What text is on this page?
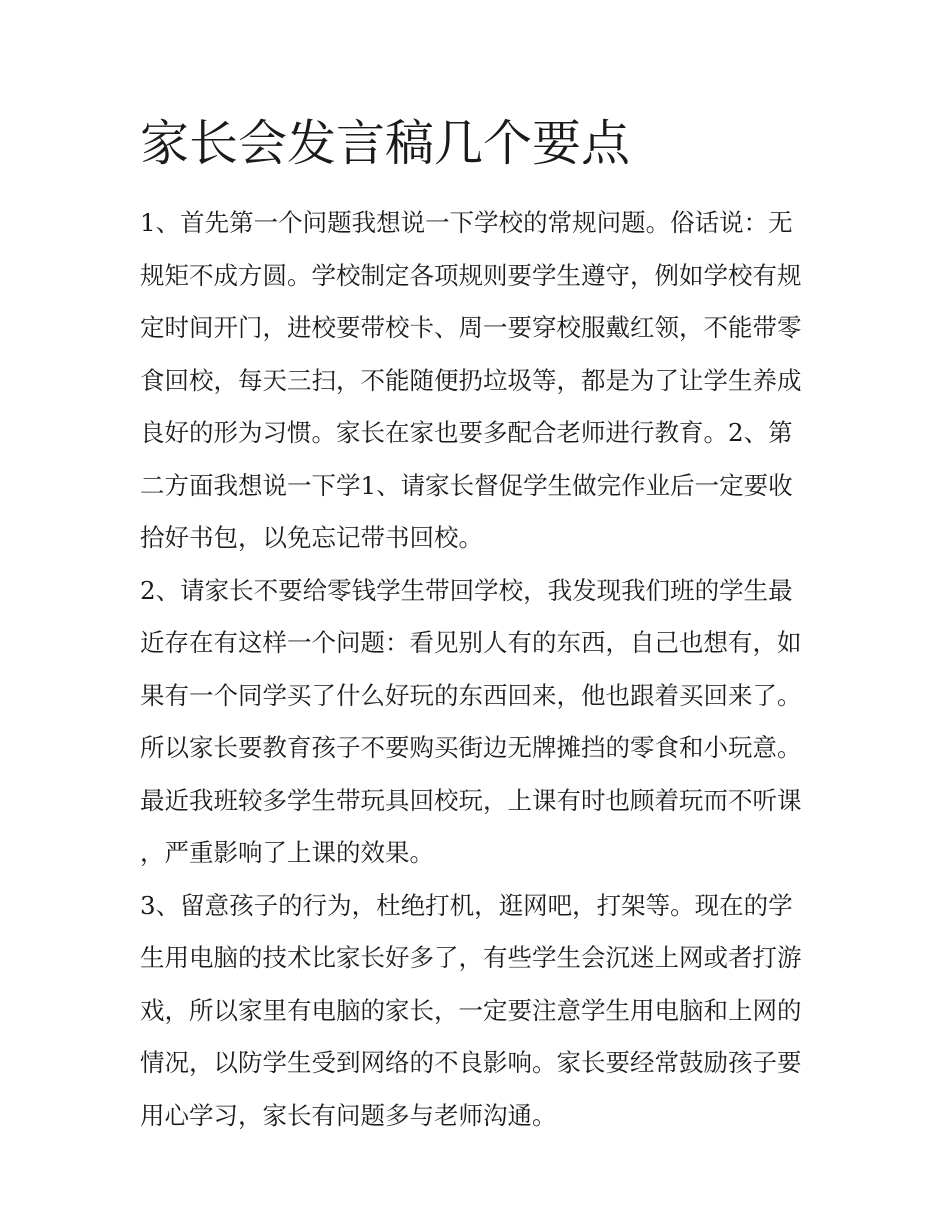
家长会发言稿几个要点

1、首先第一个问题我想说一下学校的常规问题。俗话说：无规矩不成方圆。学校制定各项规则要学生遵守，例如学校有规定时间开门，进校要带校卡、周一要穿校服戴红领，不能带零食回校，每天三扫，不能随便扔垃圾等，都是为了让学生养成良好的形为习惯。家长在家也要多配合老师进行教育。2、第二方面我想说一下学1、请家长督促学生做完作业后一定要收拾好书包，以免忘记带书回校。

2、请家长不要给零钱学生带回学校，我发现我们班的学生最近存在有这样一个问题：看见别人有的东西，自己也想有，如果有一个同学买了什么好玩的东西回来，他也跟着买回来了。所以家长要教育孩子不要购买街边无牌摊挡的零食和小玩意。最近我班较多学生带玩具回校玩，上课有时也顾着玩而不听课，严重影响了上课的效果。

3、留意孩子的行为，杜绝打机，逛网吧，打架等。现在的学生用电脑的技术比家长好多了，有些学生会沉迷上网或者打游戏，所以家里有电脑的家长，一定要注意学生用电脑和上网的情况，以防学生受到网络的不良影响。家长要经常鼓励孩子要用心学习，家长有问题多与老师沟通。
